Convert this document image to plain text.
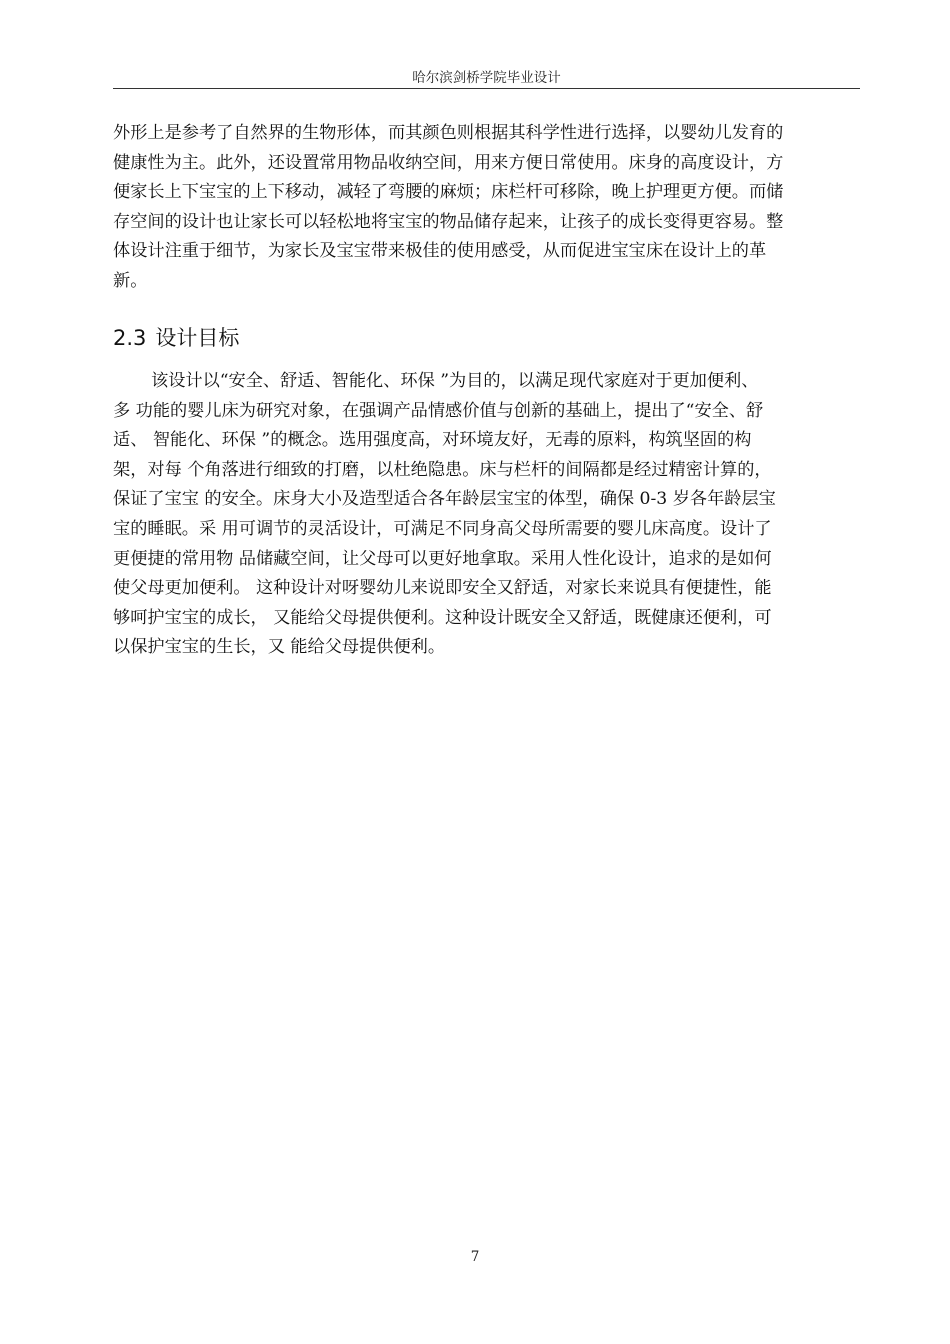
哈尔滨剑桥学院毕业设计

外形上是参考了自然界的生物形体，而其颜色则根据其科学性进行选择，以婴幼儿发育的
健康性为主。此外，还设置常用物品收纳空间，用来方便日常使用。床身的高度设计，方
便家长上下宝宝的上下移动，减轻了弯腰的麻烦；床栏杆可移除，晚上护理更方便。而储
存空间的设计也让家长可以轻松地将宝宝的物品储存起来，让孩子的成长变得更容易。整
体设计注重于细节，为家长及宝宝带来极佳的使用感受，从而促进宝宝床在设计上的革
新。

2.3 设计目标

该设计以“安全、舒适、智能化、环保 ”为目的，以满足现代家庭对于更加便利、
多 功能的婴儿床为研究对象，在强调产品情感价值与创新的基础上，提出了“安全、舒
适、 智能化、环保 ”的概念。选用强度高，对环境友好，无毒的原料，构筑坚固的构
架，对每 个角落进行细致的打磨，以杜绝隐患。床与栏杆的间隔都是经过精密计算的，
保证了宝宝 的安全。床身大小及造型适合各年龄层宝宝的体型，确保 0-3 岁各年龄层宝
宝的睡眠。采 用可调节的灵活设计，可满足不同身高父母所需要的婴儿床高度。设计了
更便捷的常用物 品储藏空间，让父母可以更好地拿取。采用人性化设计，追求的是如何
使父母更加便利。 这种设计对呀婴幼儿来说即安全又舒适，对家长来说具有便捷性，能
够呵护宝宝的成长， 又能给父母提供便利。这种设计既安全又舒适，既健康还便利，可
以保护宝宝的生长，又 能给父母提供便利。

7
